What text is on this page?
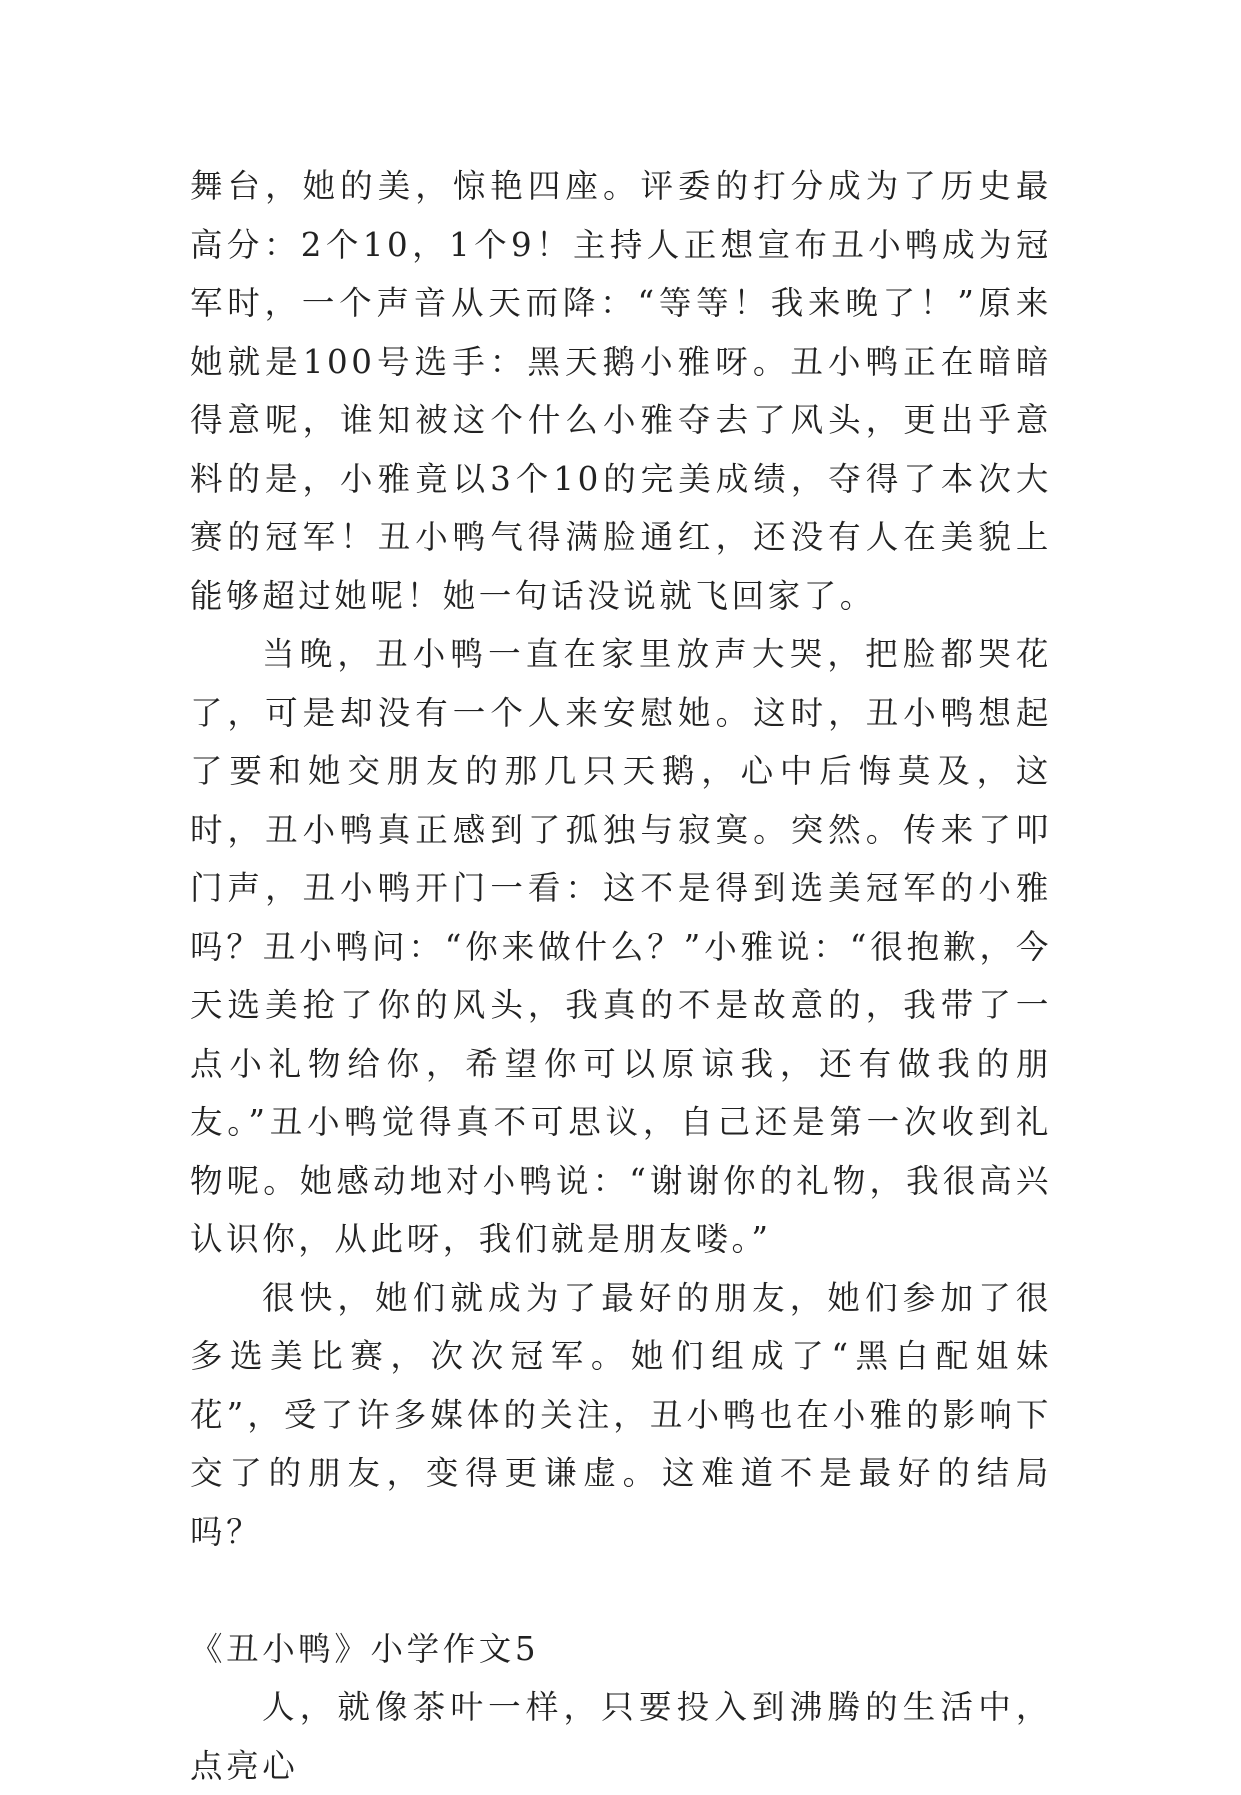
舞台，她的美，惊艳四座。评委的打分成为了历史最高分：2个10，1个9！主持人正想宣布丑小鸭成为冠军时，一个声音从天而降：“等等！我来晚了！”原来她就是100号选手：黑天鹅小雅呀。丑小鸭正在暗暗得意呢，谁知被这个什么小雅夺去了风头，更出乎意料的是，小雅竟以3个10的完美成绩，夺得了本次大赛的冠军！丑小鸭气得满脸通红，还没有人在美貌上能够超过她呢！她一句话没说就飞回家了。

当晚，丑小鸭一直在家里放声大哭，把脸都哭花了，可是却没有一个人来安慰她。这时，丑小鸭想起了要和她交朋友的那几只天鹅，心中后悔莫及，这时，丑小鸭真正感到了孤独与寂寞。突然。传来了叩门声，丑小鸭开门一看：这不是得到选美冠军的小雅吗？丑小鸭问：“你来做什么？”小雅说：“很抱歉，今天选美抢了你的风头，我真的不是故意的，我带了一点小礼物给你，希望你可以原谅我，还有做我的朋友。”丑小鸭觉得真不可思议，自己还是第一次收到礼物呢。她感动地对小鸭说：“谢谢你的礼物，我很高兴认识你，从此呀，我们就是朋友喽。”

很快，她们就成为了最好的朋友，她们参加了很多选美比赛，次次冠军。她们组成了“黑白配姐妹花”，受了许多媒体的关注，丑小鸭也在小雅的影响下交了的朋友，变得更谦虚。这难道不是最好的结局吗？

《丑小鸭》小学作文5

人，就像茶叶一样，只要投入到沸腾的生活中，点亮心
